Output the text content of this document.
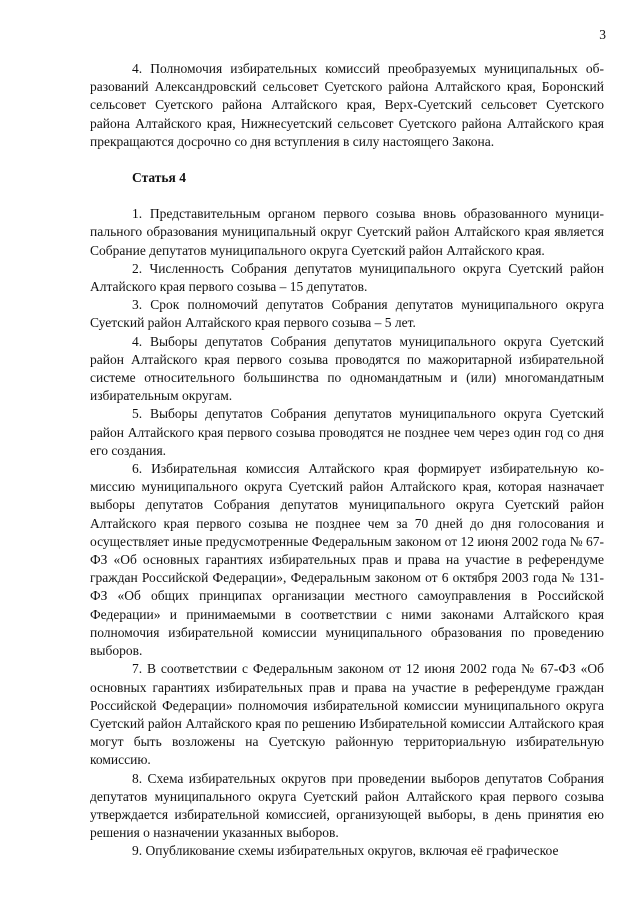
3

4. Полномочия избирательных комиссий преобразуемых муниципальных образований Александровский сельсовет Суетского района Алтайского края, Боронский сельсовет Суетского района Алтайского края, Верх-Суетский сельсовет Суетского района Алтайского края, Нижнесуетский сельсовет Суетского района Алтайского края прекращаются досрочно со дня вступления в силу настоящего Закона.

Статья 4

1. Представительным органом первого созыва вновь образованного муниципального образования муниципальный округ Суетский район Алтайского края является Собрание депутатов муниципального округа Суетский район Алтайского края.

2. Численность Собрания депутатов муниципального округа Суетский район Алтайского края первого созыва – 15 депутатов.

3. Срок полномочий депутатов Собрания депутатов муниципального округа Суетский район Алтайского края первого созыва – 5 лет.

4. Выборы депутатов Собрания депутатов муниципального округа Суетский район Алтайского края первого созыва проводятся по мажоритарной избирательной системе относительного большинства по одномандатным и (или) многомандатным избирательным округам.

5. Выборы депутатов Собрания депутатов муниципального округа Суетский район Алтайского края первого созыва проводятся не позднее чем через один год со дня его создания.

6. Избирательная комиссия Алтайского края формирует избирательную комиссию муниципального округа Суетский район Алтайского края, которая назначает выборы депутатов Собрания депутатов муниципального округа Суетский район Алтайского края первого созыва не позднее чем за 70 дней до дня голосования и осуществляет иные предусмотренные Федеральным законом от 12 июня 2002 года № 67-ФЗ «Об основных гарантиях избирательных прав и права на участие в референдуме граждан Российской Федерации», Федеральным законом от 6 октября 2003 года № 131-ФЗ «Об общих принципах организации местного самоуправления в Российской Федерации» и принимаемыми в соответствии с ними законами Алтайского края полномочия избирательной комиссии муниципального образования по проведению выборов.

7. В соответствии с Федеральным законом от 12 июня 2002 года № 67-ФЗ «Об основных гарантиях избирательных прав и права на участие в референдуме граждан Российской Федерации» полномочия избирательной комиссии муниципального округа Суетский район Алтайского края по решению Избирательной комиссии Алтайского края могут быть возложены на Суетскую районную территориальную избирательную комиссию.

8. Схема избирательных округов при проведении выборов депутатов Собрания депутатов муниципального округа Суетский район Алтайского края первого созыва утверждается избирательной комиссией, организующей выборы, в день принятия ею решения о назначении указанных выборов.

9. Опубликование схемы избирательных округов, включая её графическое
